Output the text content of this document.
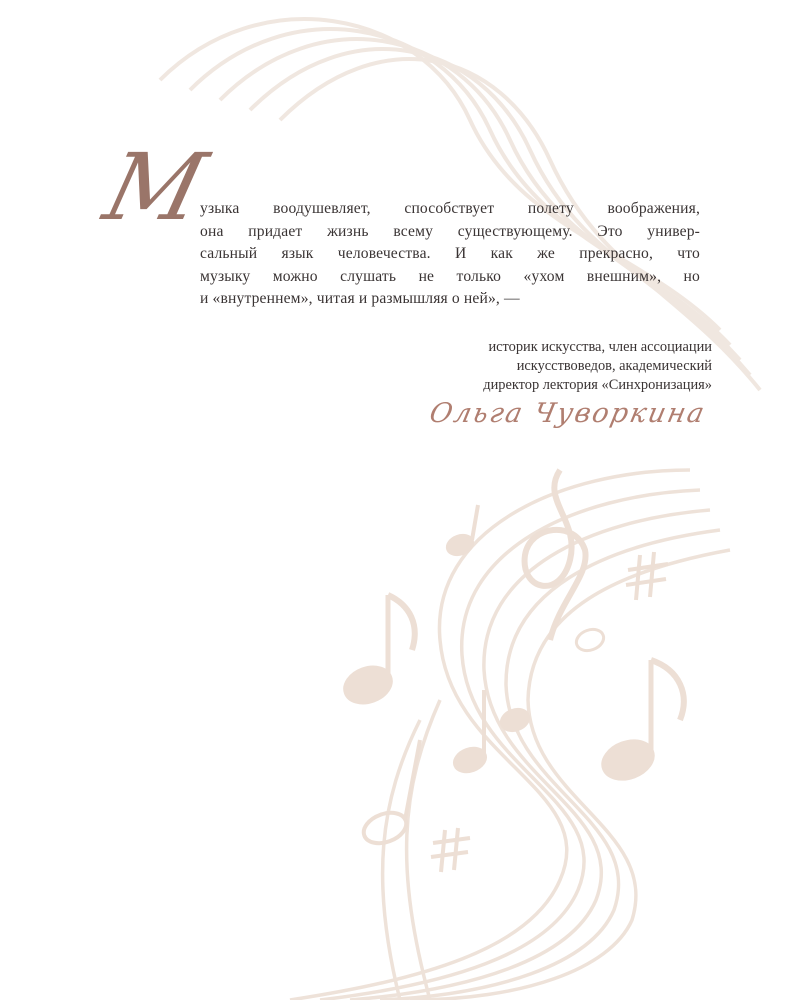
М

узыка воодушевляет, способствует полету воображения,
она придает жизнь всему существующему. Это универ-
сальный язык человечества. И как же прекрасно, что
музыку можно слушать не только «ухом внешним», но
и «внутреннем», читая и размышляя о ней», —

историк искусства, член ассоциации
искусствоведов, академический
директор лектория «Синхронизация»
Ольга Чуворкина
